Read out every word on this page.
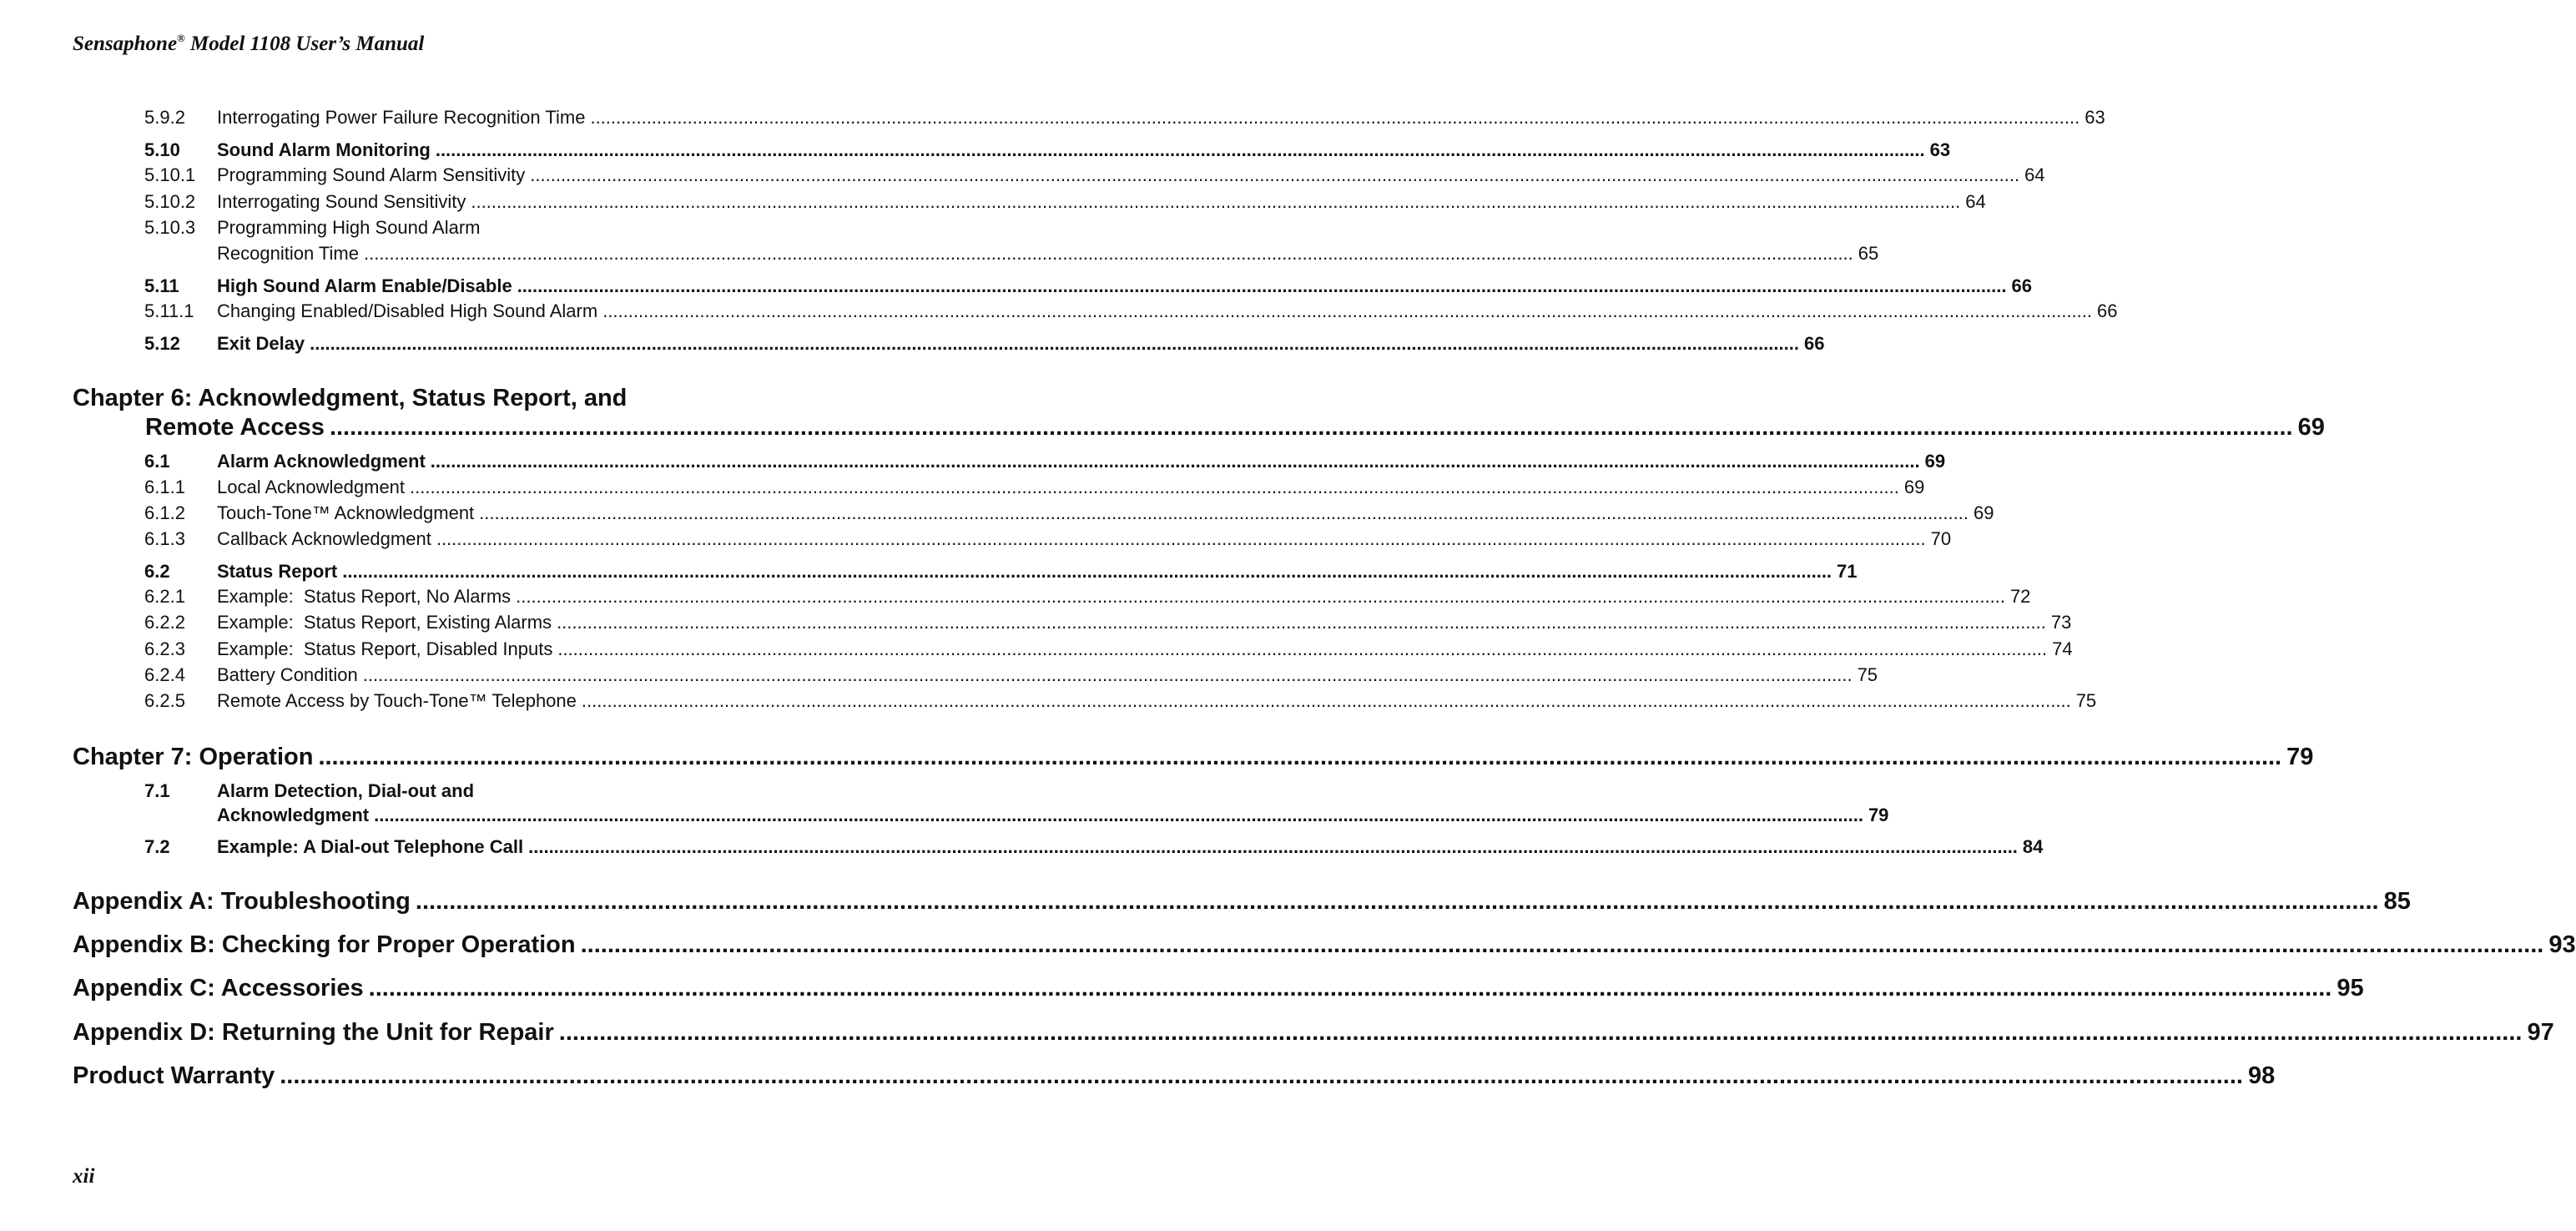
Sensaphone® Model 1108 User’s Manual
5.9.2 Interrogating Power Failure Recognition Time .................................................................................................................................................................................................................................................................................................... 63
5.10 Sound Alarm Monitoring .................................................................................................................................................................................................................................................................................................... 63
5.10.1 Programming Sound Alarm Sensitivity .................................................................................................................................................................................................................................................................................................... 64
5.10.2 Interrogating Sound Sensitivity .................................................................................................................................................................................................................................................................................................... 64
5.10.3 Programming High Sound Alarm
Recognition Time .................................................................................................................................................................................................................................................................................................... 65
5.11 High Sound Alarm Enable/Disable .................................................................................................................................................................................................................................................................................................... 66
5.11.1 Changing Enabled/Disabled High Sound Alarm .................................................................................................................................................................................................................................................................................................... 66
5.12 Exit Delay .................................................................................................................................................................................................................................................................................................... 66
Chapter 6: Acknowledgment, Status Report, and
Remote Access .................................................................................................................................................................................................................................................................................................... 69
6.1	Alarm Acknowledgment .................................................................................................................................................................................................................................................................................................... 69
6.1.1 Local Acknowledgment .................................................................................................................................................................................................................................................................................................... 69
6.1.2 Touch-Tone™ Acknowledgment .................................................................................................................................................................................................................................................................................................... 69
6.1.3 Callback Acknowledgment .................................................................................................................................................................................................................................................................................................... 70
6.2	Status Report .................................................................................................................................................................................................................................................................................................... 71
6.2.1 Example:  Status Report, No Alarms .................................................................................................................................................................................................................................................................................................... 72
6.2.2 Example:  Status Report, Existing Alarms .................................................................................................................................................................................................................................................................................................... 73
6.2.3 Example:  Status Report, Disabled Inputs .................................................................................................................................................................................................................................................................................................... 74
6.2.4 Battery Condition .................................................................................................................................................................................................................................................................................................... 75
6.2.5 Remote Access by Touch-Tone™ Telephone .................................................................................................................................................................................................................................................................................................... 75
Chapter 7: Operation .................................................................................................................................................................................................................................................................................................... 79
7.1	Alarm Detection, Dial-out and
Acknowledgment .................................................................................................................................................................................................................................................................................................... 79
7.2	Example: A Dial-out Telephone Call .................................................................................................................................................................................................................................................................................................... 84
Appendix A: Troubleshooting .................................................................................................................................................................................................................................................................................................... 85
Appendix B: Checking for Proper Operation .................................................................................................................................................................................................................................................................................................... 93
Appendix C: Accessories .................................................................................................................................................................................................................................................................................................... 95
Appendix D: Returning the Unit for Repair .................................................................................................................................................................................................................................................................................................... 97
Product Warranty .................................................................................................................................................................................................................................................................................................... 98
xii
